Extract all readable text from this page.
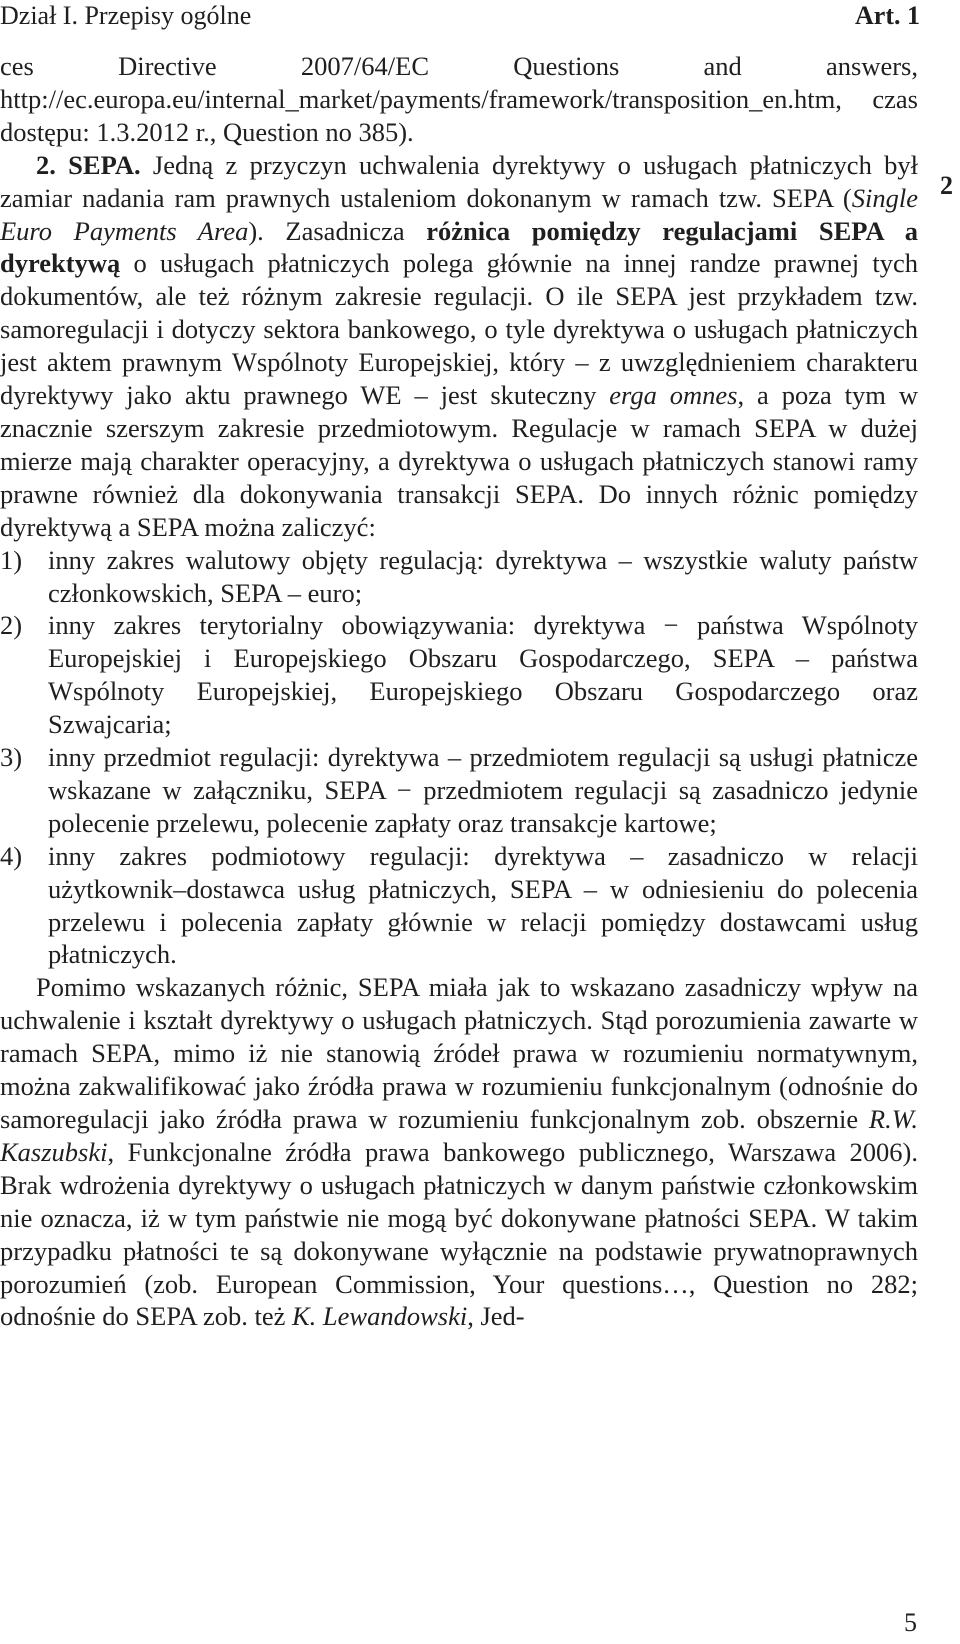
Dział I. Przepisy ogólne	Art. 1
2

ces Directive 2007/64/EC Questions and answers, http://ec.europa.eu/internal_market/payments/framework/transposition_en.htm, czas dostępu: 1.3.2012 r., Question no 385).

2. SEPA. Jedną z przyczyn uchwalenia dyrektywy o usługach płatniczych był zamiar nadania ram prawnych ustaleniom dokonanym w ramach tzw. SEPA (Single Euro Payments Area). Zasadnicza różnica pomiędzy regulacjami SEPA a dyrektywą o usługach płatniczych polega głównie na innej randze prawnej tych dokumentów, ale też różnym zakresie regulacji. O ile SEPA jest przykładem tzw. samoregulacji i dotyczy sektora bankowego, o tyle dyrektywa o usługach płatniczych jest aktem prawnym Wspólnoty Europejskiej, który – z uwzględnieniem charakteru dyrektywy jako aktu prawnego WE – jest skuteczny erga omnes, a poza tym w znacznie szerszym zakresie przedmiotowym. Regulacje w ramach SEPA w dużej mierze mają charakter operacyjny, a dyrektywa o usługach płatniczych stanowi ramy prawne również dla dokonywania transakcji SEPA. Do innych różnic pomiędzy dyrektywą a SEPA można zaliczyć:

1) inny zakres walutowy objęty regulacją: dyrektywa – wszystkie waluty państw członkowskich, SEPA – euro;
2) inny zakres terytorialny obowiązywania: dyrektywa − państwa Wspólnoty Europejskiej i Europejskiego Obszaru Gospodarczego, SEPA – państwa Wspólnoty Europejskiej, Europejskiego Obszaru Gospodarczego oraz Szwajcaria;
3) inny przedmiot regulacji: dyrektywa – przedmiotem regulacji są usługi płatnicze wskazane w załączniku, SEPA − przedmiotem regulacji są zasadniczo jedynie polecenie przelewu, polecenie zapłaty oraz transakcje kartowe;
4) inny zakres podmiotowy regulacji: dyrektywa – zasadniczo w relacji użytkownik–dostawca usług płatniczych, SEPA – w odniesieniu do polecenia przelewu i polecenia zapłaty głównie w relacji pomiędzy dostawcami usług płatniczych.

Pomimo wskazanych różnic, SEPA miała jak to wskazano zasadniczy wpływ na uchwalenie i kształt dyrektywy o usługach płatniczych. Stąd porozumienia zawarte w ramach SEPA, mimo iż nie stanowią źródeł prawa w rozumieniu normatywnym, można zakwalifikować jako źródła prawa w rozumieniu funkcjonalnym (odnośnie do samoregulacji jako źródła prawa w rozumieniu funkcjonalnym zob. obszernie R.W. Kaszubski, Funkcjonalne źródła prawa bankowego publicznego, Warszawa 2006). Brak wdrożenia dyrektywy o usługach płatniczych w danym państwie członkowskim nie oznacza, iż w tym państwie nie mogą być dokonywane płatności SEPA. W takim przypadku płatności te są dokonywane wyłącznie na podstawie prywatnoprawnych porozumień (zob. European Commission, Your questions…, Question no 282; odnośnie do SEPA zob. też K. Lewandowski, Jed-

5
